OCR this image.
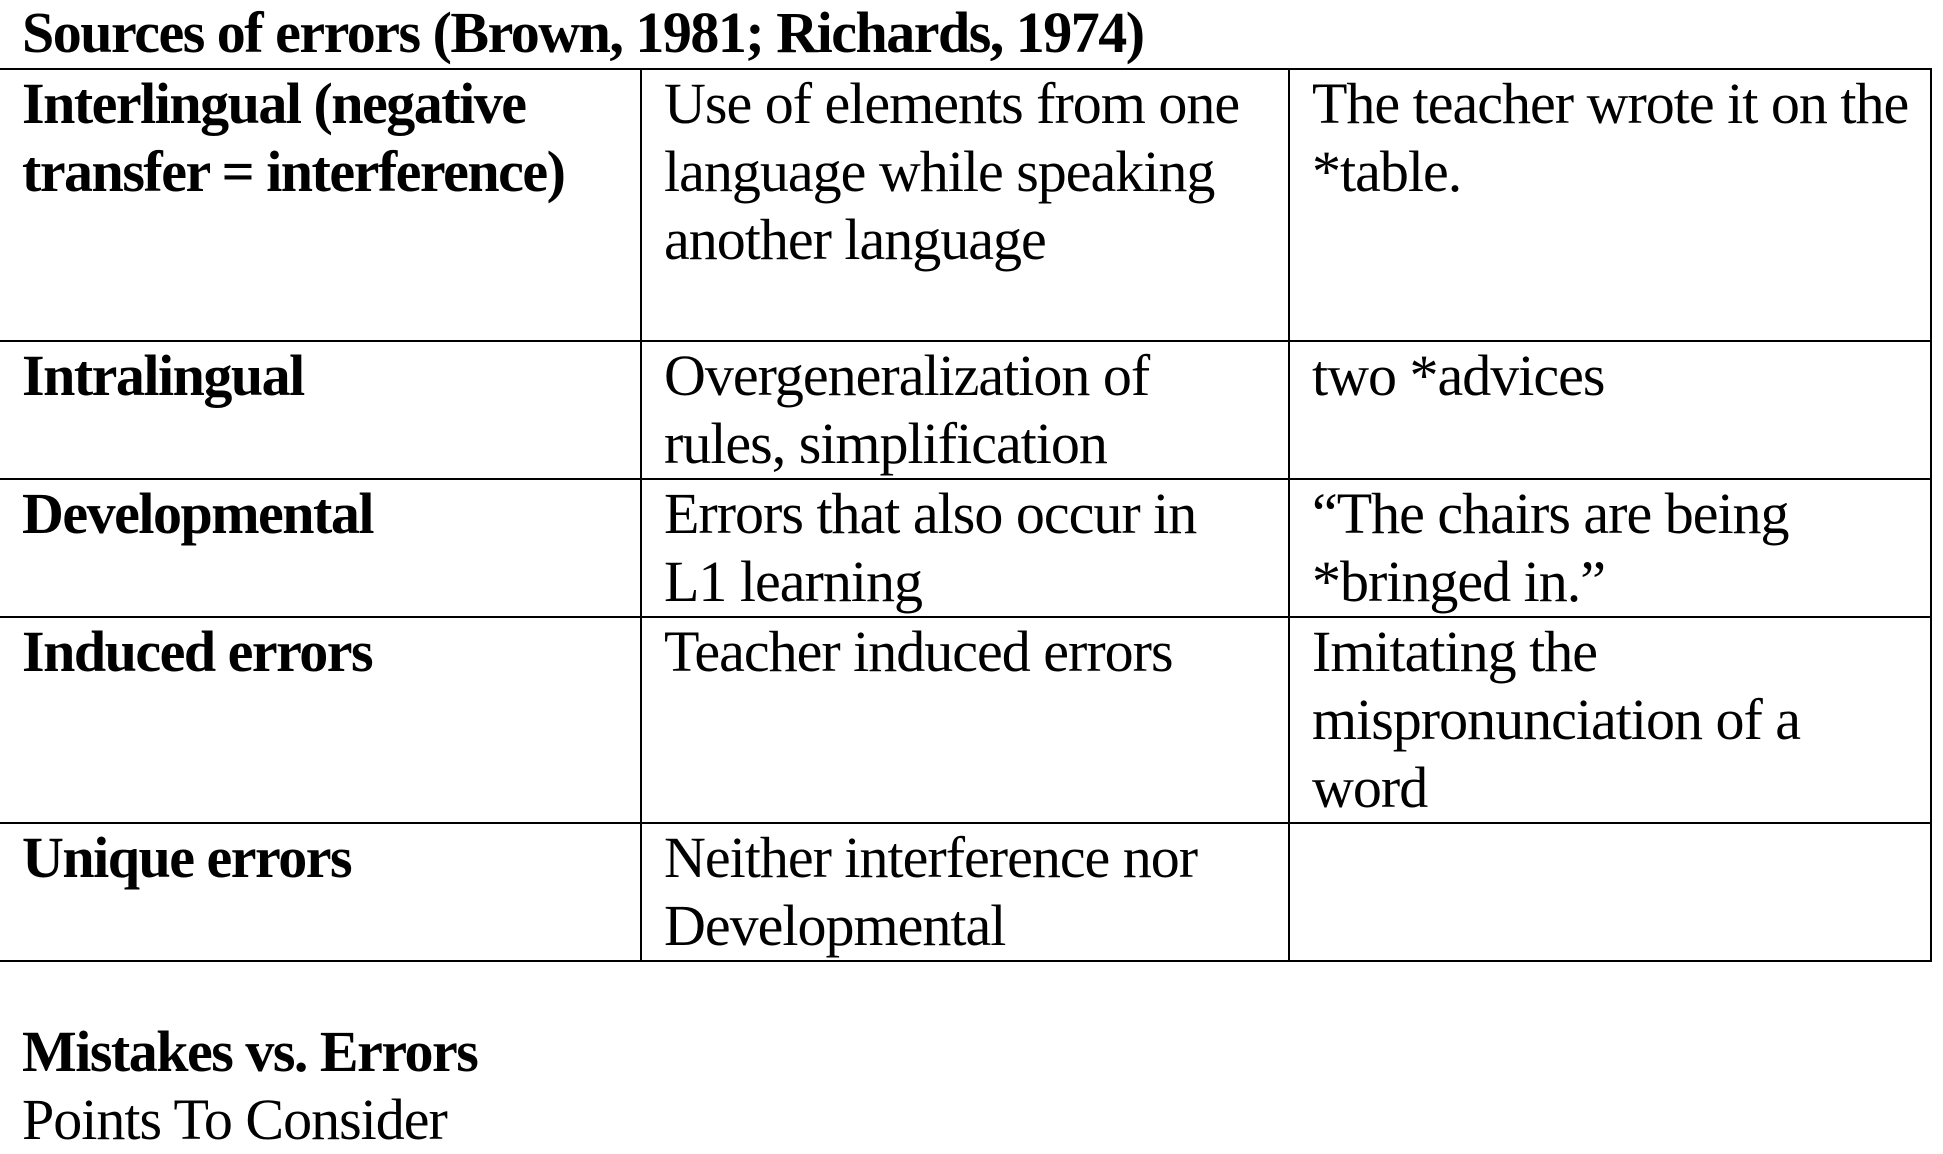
Sources of errors (Brown, 1981; Richards, 1974)
Interlingual (negative transfer = interference)	Use of elements from one language while speaking another language	The teacher wrote it on the *table.
Intralingual	Overgeneralization of rules, simplification	two *advices
Developmental	Errors that also occur in L1 learning	“The chairs are being *bringed in.”
Induced errors	Teacher induced errors	Imitating the mispronunciation of a word
Unique errors	Neither interference nor Developmental	
Mistakes vs. Errors
Points To Consider
